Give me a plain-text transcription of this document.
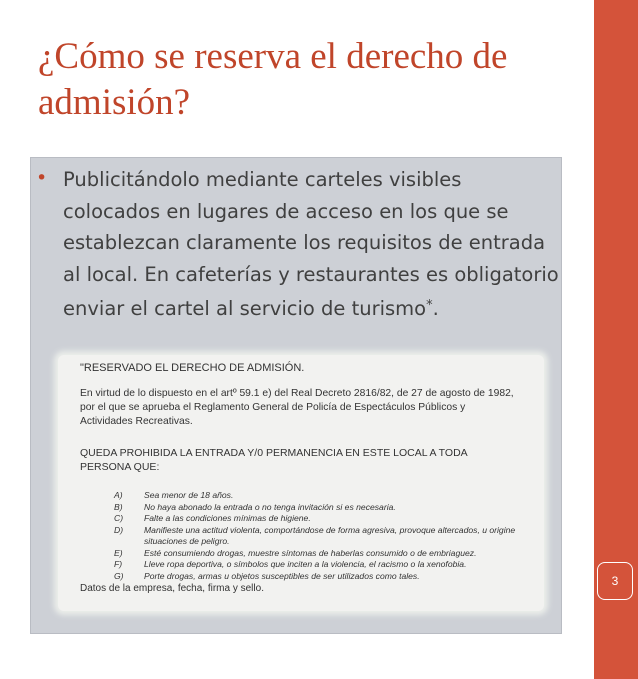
¿Cómo se reserva el derecho de admisión?
3
• Publicitándolo mediante carteles visibles colocados en lugares de acceso en los que se establezcan claramente los requisitos de entrada al local. En cafeterías y restaurantes es obligatorio enviar el cartel al servicio de turismo*.

"RESERVADO EL DERECHO DE ADMISIÓN.
En virtud de lo dispuesto en el artº 59.1 e) del Real Decreto 2816/82, de 27 de agosto de 1982, por el que se aprueba el Reglamento General de Policía de Espectáculos Públicos y Actividades Recreativas.
QUEDA PROHIBIDA LA ENTRADA Y/0 PERMANENCIA EN ESTE LOCAL A TODA PERSONA QUE:
A) Sea menor de 18 años.
B) No haya abonado la entrada o no tenga invitación si es necesaria.
C) Falte a las condiciones mínimas de higiene.
D) Manifieste una actitud violenta, comportándose de forma agresiva, provoque altercados, u origine situaciones de peligro.
E) Esté consumiendo drogas, muestre síntomas de haberlas consumido o de embriaguez.
F)	Lleve ropa deportiva, o símbolos que inciten a la violencia, el racismo o la xenofobia.
G) Porte drogas, armas u objetos susceptibles de ser utilizados como tales.
Datos de la empresa, fecha, firma y sello.
